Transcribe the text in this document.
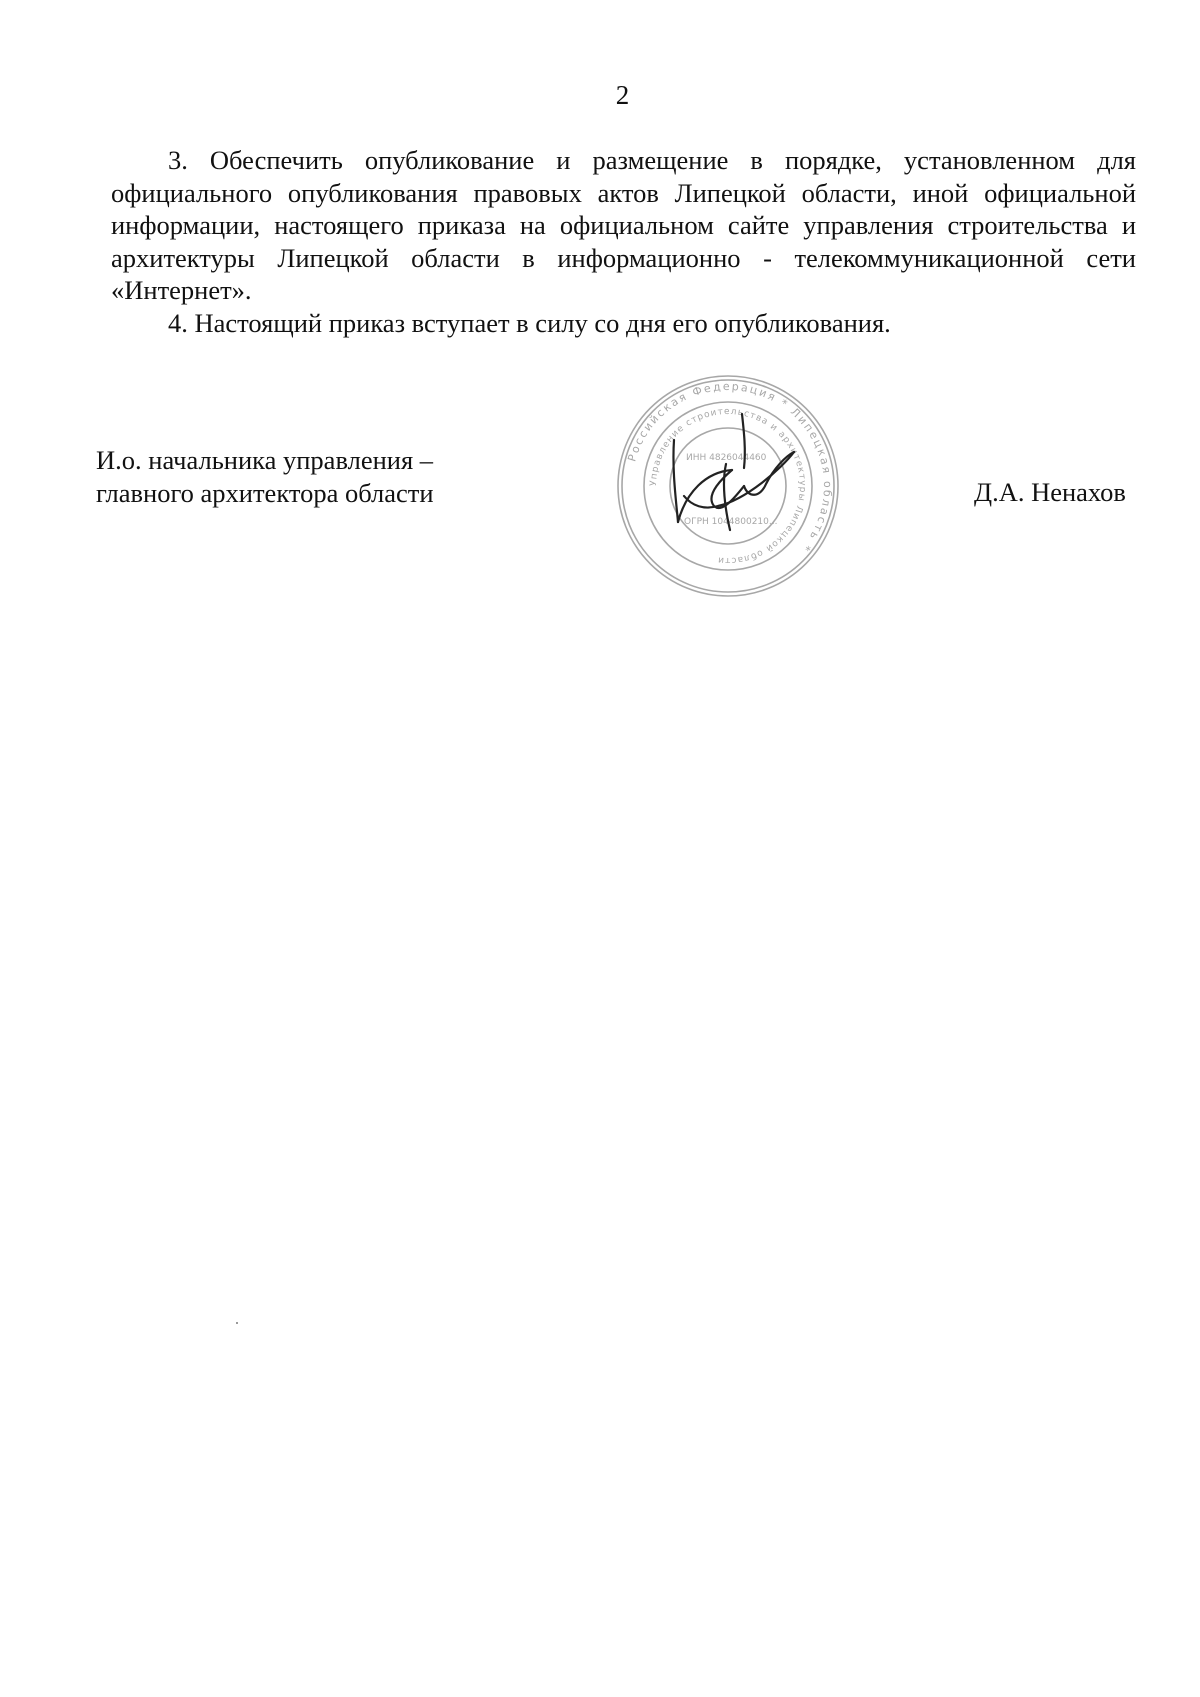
2

3. Обеспечить опубликование и размещение в порядке, установленном для официального опубликования правовых актов Липецкой области, иной официальной информации, настоящего приказа на официальном сайте управления строительства и архитектуры Липецкой области в информационно - телекоммуникационной сети «Интернет».

4. Настоящий приказ вступает в силу со дня его опубликования.

И.о. начальника управления –
главного архитектора области	Д.А. Ненахов
Российская Федерация * Липецкая область *
Управление строительства и архитектуры Липецкой области
ИНН 4826044460
ОГРН 1044800210...
